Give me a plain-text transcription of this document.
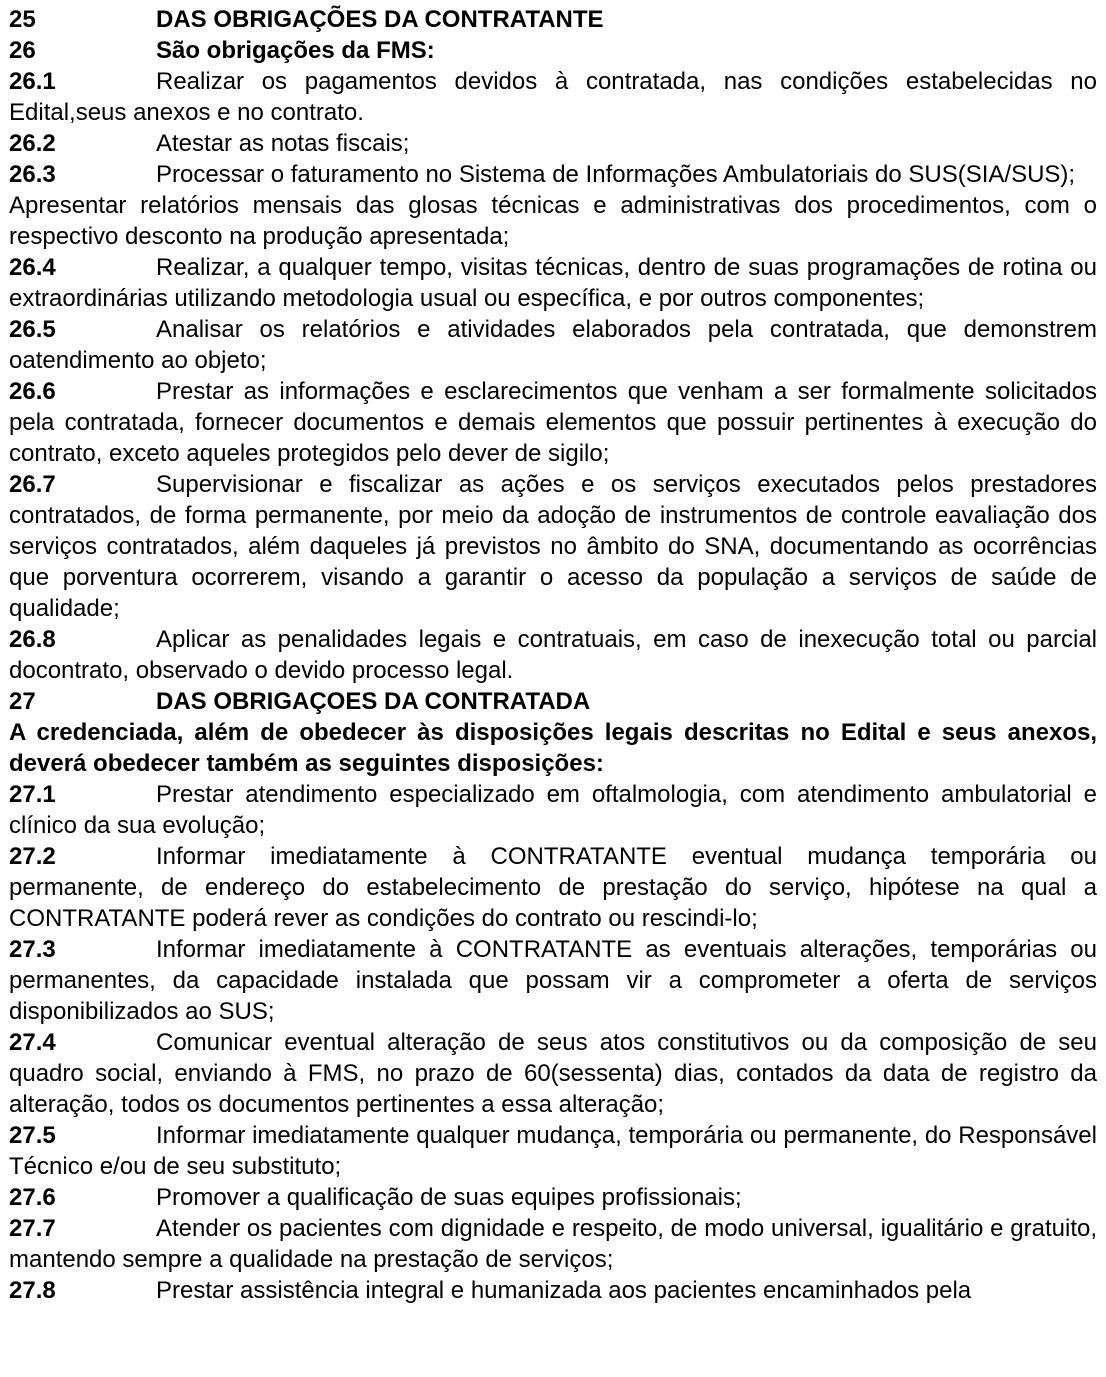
25	DAS OBRIGAÇÕES DA CONTRATANTE

26	São obrigações da FMS:

26.1	Realizar os pagamentos devidos à contratada, nas condições estabelecidas no Edital,seus anexos e no contrato.

26.2	Atestar as notas fiscais;

26.3	Processar o faturamento no Sistema de Informações Ambulatoriais do SUS(SIA/SUS);

Apresentar relatórios mensais das glosas técnicas e administrativas dos procedimentos, com o respectivo desconto na produção apresentada;

26.4	Realizar, a qualquer tempo, visitas técnicas, dentro de suas programações de rotina ou extraordinárias utilizando metodologia usual ou específica, e por outros componentes;

26.5	Analisar os relatórios e atividades elaborados pela contratada, que demonstrem oatendimento ao objeto;

26.6	Prestar as informações e esclarecimentos que venham a ser formalmente solicitados pela contratada, fornecer documentos e demais elementos que possuir pertinentes à execução do contrato, exceto aqueles protegidos pelo dever de sigilo;

26.7	Supervisionar e fiscalizar as ações e os serviços executados pelos prestadores contratados, de forma permanente, por meio da adoção de instrumentos de controle eavaliação dos serviços contratados, além daqueles já previstos no âmbito do SNA, documentando as ocorrências que porventura ocorrerem, visando a garantir o acesso da população a serviços de saúde de qualidade;

26.8	Aplicar as penalidades legais e contratuais, em caso de inexecução total ou parcial docontrato, observado o devido processo legal.

27	DAS OBRIGAÇOES DA CONTRATADA

A credenciada, além de obedecer às disposições legais descritas no Edital e seus anexos, deverá obedecer também as seguintes disposições:

27.1	Prestar atendimento especializado em oftalmologia, com atendimento ambulatorial e clínico da sua evolução;

27.2	Informar imediatamente à CONTRATANTE eventual mudança temporária ou permanente, de endereço do estabelecimento de prestação do serviço, hipótese na qual a CONTRATANTE poderá rever as condições do contrato ou rescindi-lo;

27.3	Informar imediatamente à CONTRATANTE as eventuais alterações, temporárias ou permanentes, da capacidade instalada que possam vir a comprometer a oferta de serviços disponibilizados ao SUS;

27.4	Comunicar eventual alteração de seus atos constitutivos ou da composição de seu quadro social, enviando à FMS, no prazo de 60(sessenta) dias, contados da data de registro da alteração, todos os documentos pertinentes a essa alteração;

27.5	Informar imediatamente qualquer mudança, temporária ou permanente, do Responsável Técnico e/ou de seu substituto;

27.6	Promover a qualificação de suas equipes profissionais;

27.7	Atender os pacientes com dignidade e respeito, de modo universal, igualitário e gratuito, mantendo sempre a qualidade na prestação de serviços;

27.8	Prestar assistência integral e humanizada aos pacientes encaminhados pela
